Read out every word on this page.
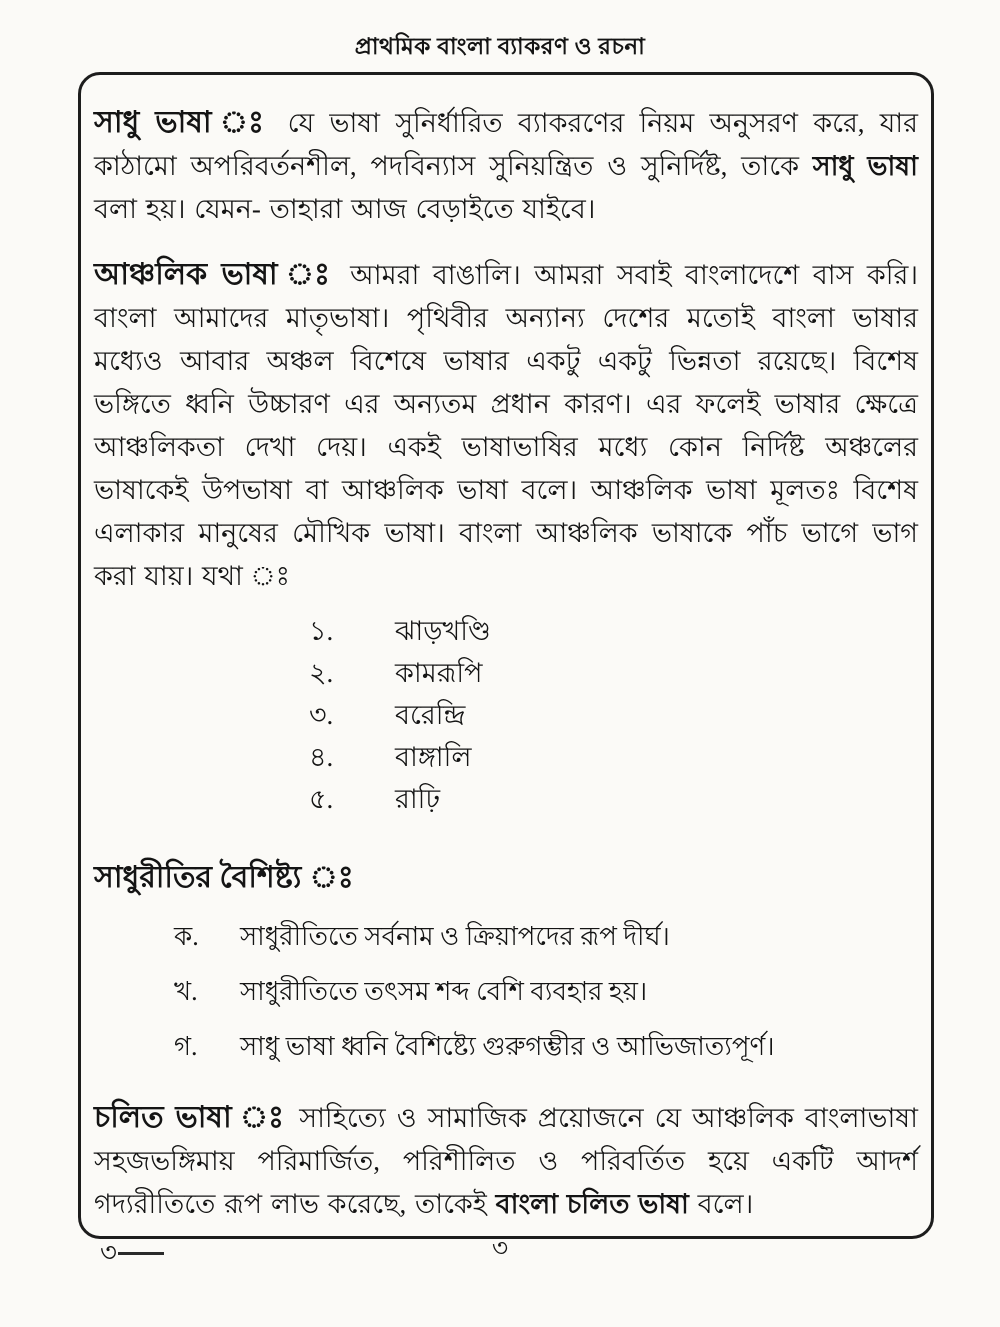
প্রাথমিক বাংলা ব্যাকরণ ও রচনা

সাধু ভাষা ঃ যে ভাষা সুনির্ধারিত ব্যাকরণের নিয়ম অনুসরণ করে, যার কাঠামো অপরিবর্তনশীল, পদবিন্যাস সুনিয়ন্ত্রিত ও সুনির্দিষ্ট, তাকে সাধু ভাষা বলা হয়। যেমন- তাহারা আজ বেড়াইতে যাইবে।

আঞ্চলিক ভাষা ঃ আমরা বাঙালি। আমরা সবাই বাংলাদেশে বাস করি। বাংলা আমাদের মাতৃভাষা। পৃথিবীর অন্যান্য দেশের মতোই বাংলা ভাষার মধ্যেও আবার অঞ্চল বিশেষে ভাষার একটু একটু ভিন্নতা রয়েছে। বিশেষ ভঙ্গিতে ধ্বনি উচ্চারণ এর অন্যতম প্রধান কারণ। এর ফলেই ভাষার ক্ষেত্রে আঞ্চলিকতা দেখা দেয়। একই ভাষাভাষির মধ্যে কোন নির্দিষ্ট অঞ্চলের ভাষাকেই উপভাষা বা আঞ্চলিক ভাষা বলে। আঞ্চলিক ভাষা মূলতঃ বিশেষ এলাকার মানুষের মৌখিক ভাষা। বাংলা আঞ্চলিক ভাষাকে পাঁচ ভাগে ভাগ করা যায়। যথা ঃ

১.	ঝাড়খণ্ডি
২.	কামরূপি
৩.	বরেন্দ্রি
৪.	বাঙ্গালি
৫.	রাঢ়ি
সাধুরীতির বৈশিষ্ট্য ঃ
ক.	সাধুরীতিতে সর্বনাম ও ক্রিয়াপদের রূপ দীর্ঘ।
খ.	সাধুরীতিতে তৎসম শব্দ বেশি ব্যবহার হয়।
গ.	সাধু ভাষা ধ্বনি বৈশিষ্ট্যে গুরুগম্ভীর ও আভিজাত্যপূর্ণ।

চলিত ভাষা ঃ সাহিত্যে ও সামাজিক প্রয়োজনে যে আঞ্চলিক বাংলাভাষা সহজভঙ্গিমায় পরিমার্জিত, পরিশীলিত ও পরিবর্তিত হয়ে একটি আদর্শ গদ্যরীতিতে রূপ লাভ করেছে, তাকেই বাংলা চলিত ভাষা বলে।

৩	৩
